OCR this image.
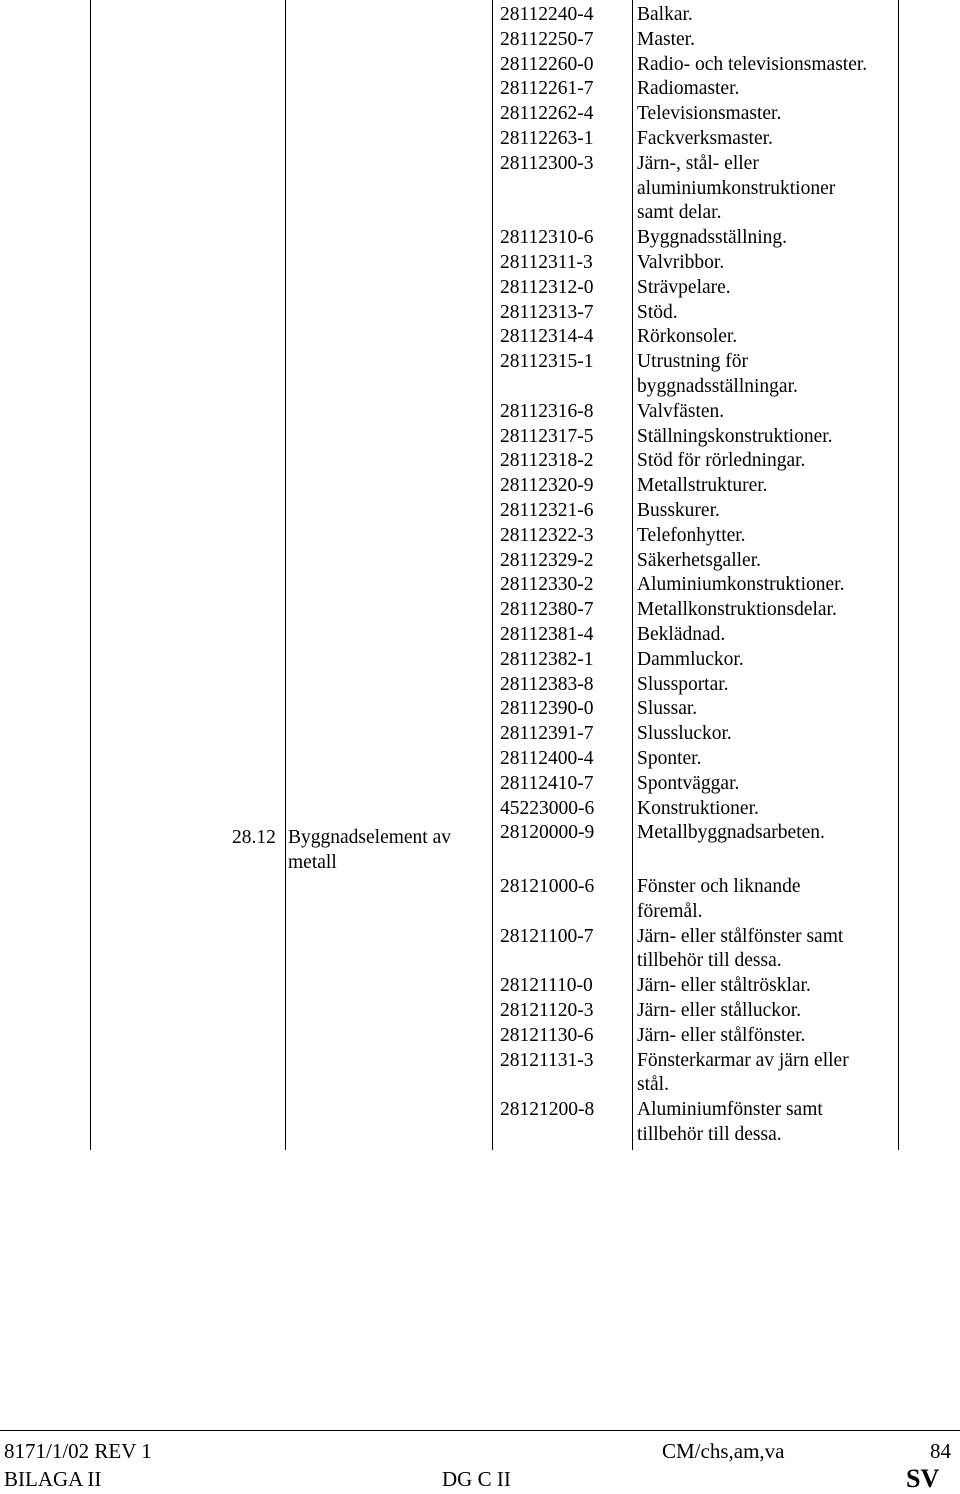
28.12 Byggnadselement av
metall
28112240-4 Balkar.
28112250-7 Master.
28112260-0 Radio- och televisionsmaster.
28112261-7 Radiomaster.
28112262-4 Televisionsmaster.
28112263-1 Fackverksmaster.
28112300-3 Järn-, stål- eller
aluminiumkonstruktioner
samt delar.
28112310-6 Byggnadsställning.
28112311-3 Valvribbor.
28112312-0 Strävpelare.
28112313-7 Stöd.
28112314-4 Rörkonsoler.
28112315-1 Utrustning för
byggnadsställningar.
28112316-8 Valvfästen.
28112317-5 Ställningskonstruktioner.
28112318-2 Stöd för rörledningar.
28112320-9 Metallstrukturer.
28112321-6 Busskurer.
28112322-3 Telefonhytter.
28112329-2 Säkerhetsgaller.
28112330-2 Aluminiumkonstruktioner.
28112380-7 Metallkonstruktionsdelar.
28112381-4 Beklädnad.
28112382-1 Dammluckor.
28112383-8 Slussportar.
28112390-0 Slussar.
28112391-7 Slussluckor.
28112400-4 Sponter.
28112410-7 Spontväggar.
45223000-6 Konstruktioner.
28120000-9 Metallbyggnadsarbeten.
28121000-6 Fönster och liknande
föremål.
28121100-7 Järn- eller stålfönster samt
tillbehör till dessa.
28121110-0 Järn- eller ståltrösklar.
28121120-3 Järn- eller stålluckor.
28121130-6 Järn- eller stålfönster.
28121131-3 Fönsterkarmar av järn eller
stål.
28121200-8 Aluminiumfönster samt
tillbehör till dessa.
8171/1/02 REV 1	CM/chs,am,va	84
BILAGA II	DG C II	SV
